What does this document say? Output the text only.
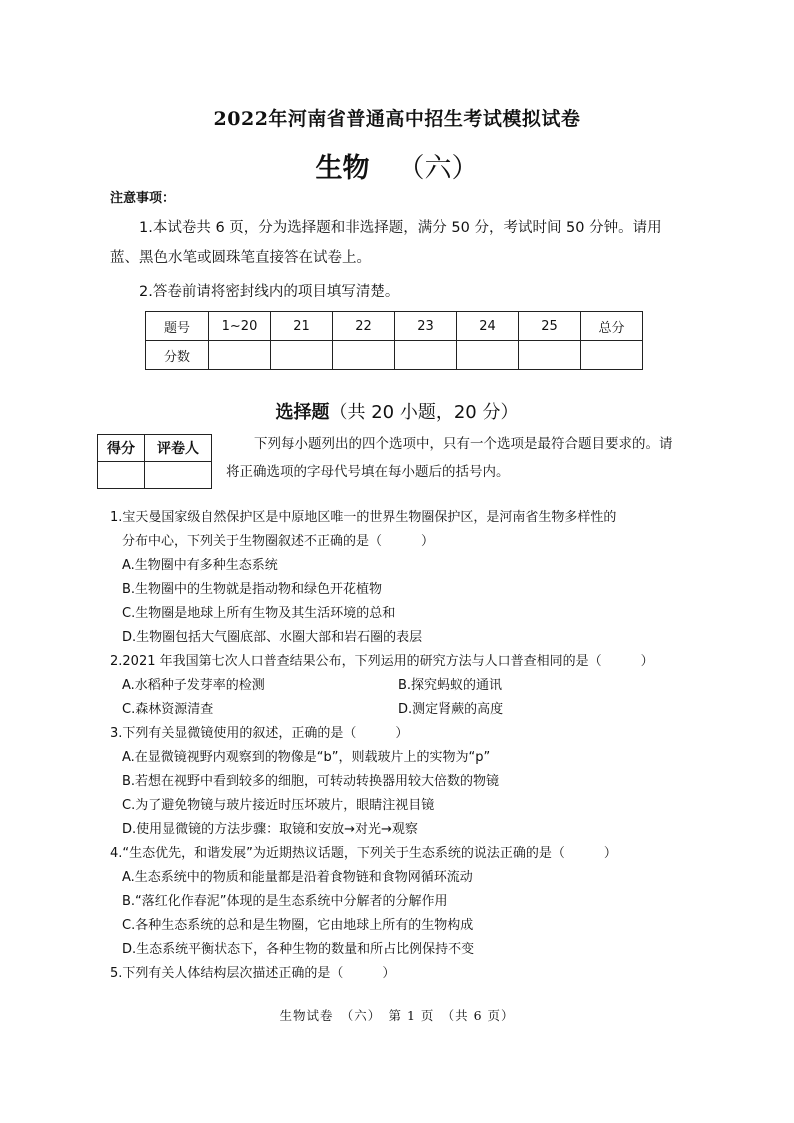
2022年河南省普通高中招生考试模拟试卷
生物 （六）
注意事项：
1.本试卷共 6 页，分为选择题和非选择题，满分 50 分，考试时间 50 分钟。请用蓝、黑色水笔或圆珠笔直接答在试卷上。
2.答卷前请将密封线内的项目填写清楚。
题号	1~20	21	22	23	24	25	总分
分数							
选择题（共 20 小题，20 分）
得分	评卷人
		下列每小题列出的四个选项中，只有一个选项是最符合题目要求的。请将正确选项的字母代号填在每小题后的括号内。
1.宝天曼国家级自然保护区是中原地区唯一的世界生物圈保护区，是河南省生物多样性的
分布中心，下列关于生物圈叙述不正确的是（　　　）
A.生物圈中有多种生态系统
B.生物圈中的生物就是指动物和绿色开花植物
C.生物圈是地球上所有生物及其生活环境的总和
D.生物圈包括大气圈底部、水圈大部和岩石圈的表层
2.2021 年我国第七次人口普查结果公布，下列运用的研究方法与人口普查相同的是（　　　）
A.水稻种子发芽率的检测	B.探究蚂蚁的通讯
C.森林资源清查	D.测定肾蕨的高度
3.下列有关显微镜使用的叙述，正确的是（　　　）
A.在显微镜视野内观察到的物像是“b”，则载玻片上的实物为“p”
B.若想在视野中看到较多的细胞，可转动转换器用较大倍数的物镜
C.为了避免物镜与玻片接近时压坏玻片，眼睛注视目镜
D.使用显微镜的方法步骤：取镜和安放→对光→观察
4.“生态优先，和谐发展”为近期热议话题，下列关于生态系统的说法正确的是（　　　）
A.生态系统中的物质和能量都是沿着食物链和食物网循环流动
B.“落红化作春泥”体现的是生态系统中分解者的分解作用
C.各种生态系统的总和是生物圈，它由地球上所有的生物构成
D.生态系统平衡状态下，各种生物的数量和所占比例保持不变
5.下列有关人体结构层次描述正确的是（　　　）
生物试卷　（六）　第 1 页　（共 6 页）
